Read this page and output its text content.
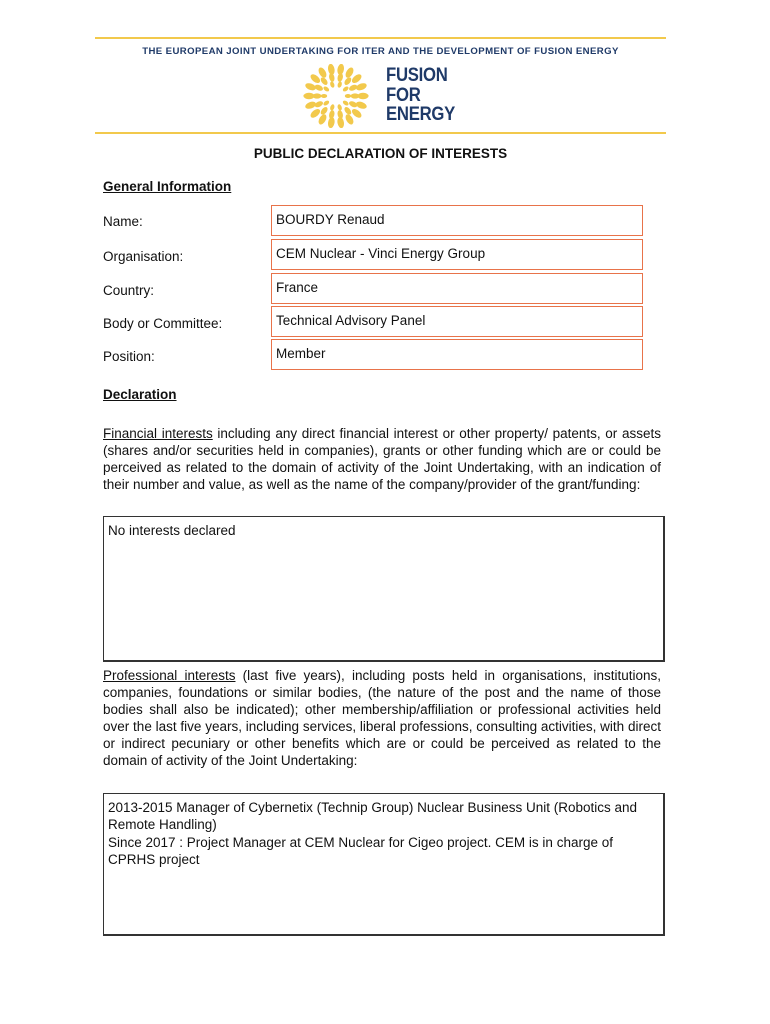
THE EUROPEAN JOINT UNDERTAKING FOR ITER AND THE DEVELOPMENT OF FUSION ENERGY
FUSION
FOR
ENERGY
PUBLIC DECLARATION OF INTERESTS
General Information
Name:	BOURDY Renaud
Organisation:	CEM Nuclear - Vinci Energy Group
Country:	France
Body or Committee:	Technical Advisory Panel
Position:	Member
Declaration
Financial interests including any direct financial interest or other property/ patents, or assets (shares and/or securities held in companies), grants or other funding which are or could be perceived as related to the domain of activity of the Joint Undertaking, with an indication of their number and value, as well as the name of the company/provider of the grant/funding:
No interests declared
Professional interests (last five years), including posts held in organisations, institutions, companies, foundations or similar bodies, (the nature of the post and the name of those bodies shall also be indicated); other membership/affiliation or professional activities held over the last five years, including services, liberal professions, consulting activities, with direct or indirect pecuniary or other benefits which are or could be perceived as related to the domain of activity of the Joint Undertaking:
2013-2015 Manager of Cybernetix (Technip Group) Nuclear Business Unit (Robotics and Remote Handling)
Since 2017 : Project Manager at CEM Nuclear for Cigeo project. CEM is in charge of CPRHS project
